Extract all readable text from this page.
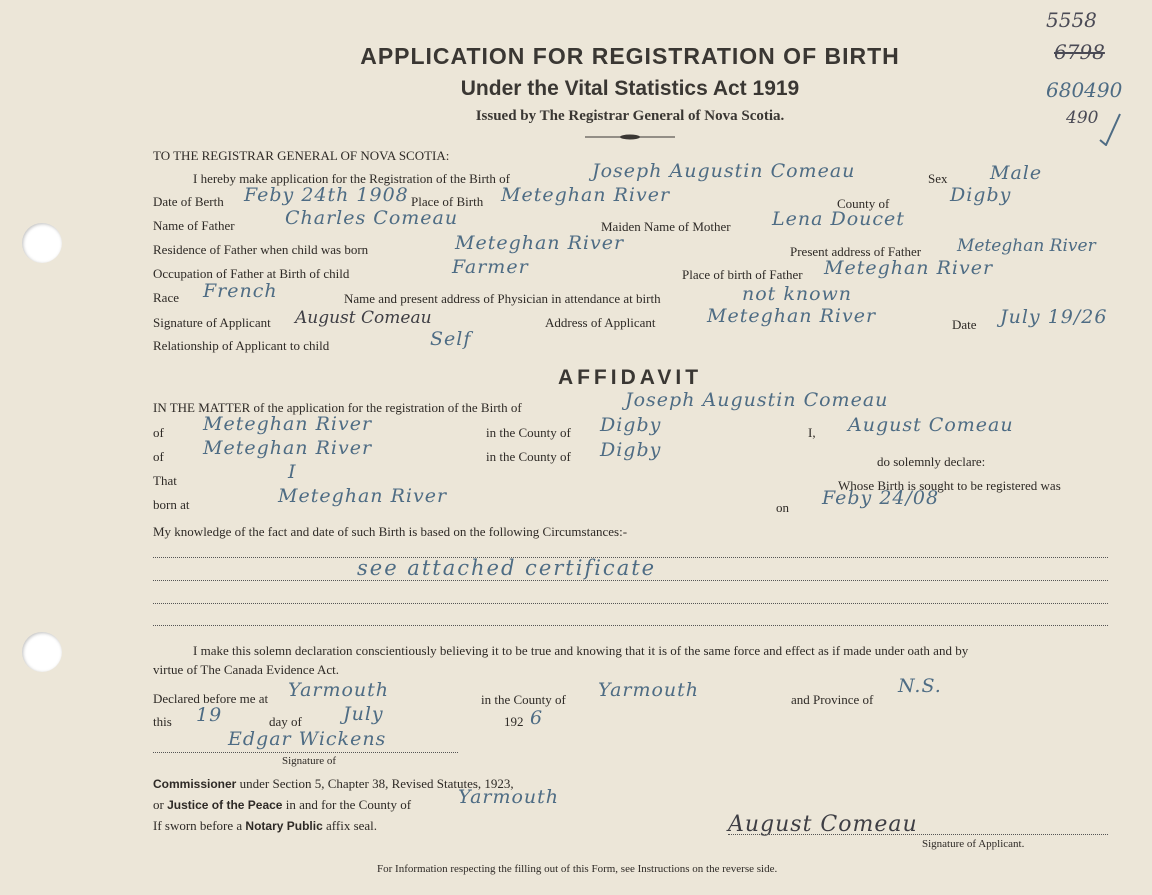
5558
6798
680490
490
APPLICATION FOR REGISTRATION OF BIRTH
Under the Vital Statistics Act 1919
Issued by The Registrar General of Nova Scotia.
TO THE REGISTRAR GENERAL OF NOVA SCOTIA:
I hereby make application for the Registration of the Birth of	Joseph Augustin Comeau	Sex Male
Date of Berth Feby 24th 1908 Place of Birth Meteghan River	County of	Digby
Name of Father	Charles Comeau	Maiden Name of Mother Lena Doucet
Residence of Father when child was born	Meteghan River	Present address of Father Meteghan River
Occupation of Father at Birth of child	Farmer	Place of birth of Father Meteghan River
Race French	Name and present address of Physician in attendance at birth	not known
Signature of Applicant August Comeau	Address of Applicant	Meteghan River	Date July 19/26
Relationship of Applicant to child	Self
AFFIDAVIT
IN THE MATTER of the application for the registration of the Birth of	Joseph Augustin Comeau
of Meteghan River	in the County of Digby	I, August Comeau
of Meteghan River	in the County of Digby
do solemnly declare:
That	I
Whose Birth is sought to be registered was
born at	Meteghan River
on Feby 24/08
My knowledge of the fact and date of such Birth is based on the following Circumstances:-
see attached certificate
I make this solemn declaration conscientiously believing it to be true and knowing that it is of the same force and effect as if made under oath and by
virtue of The Canada Evidence Act.
Declared before me at Yarmouth	in the County of Yarmouth	and Province of
N.S.
this 19	day of July	192 6
Edgar Wickens
Signature of
Commissioner under Section 5, Chapter 38, Revised Statutes, 1923,
or Justice of the Peace in and for the County of Yarmouth
If sworn before a Notary Public affix seal.	August Comeau
Signature of Applicant.
For Information respecting the filling out of this Form, see Instructions on the reverse side.
